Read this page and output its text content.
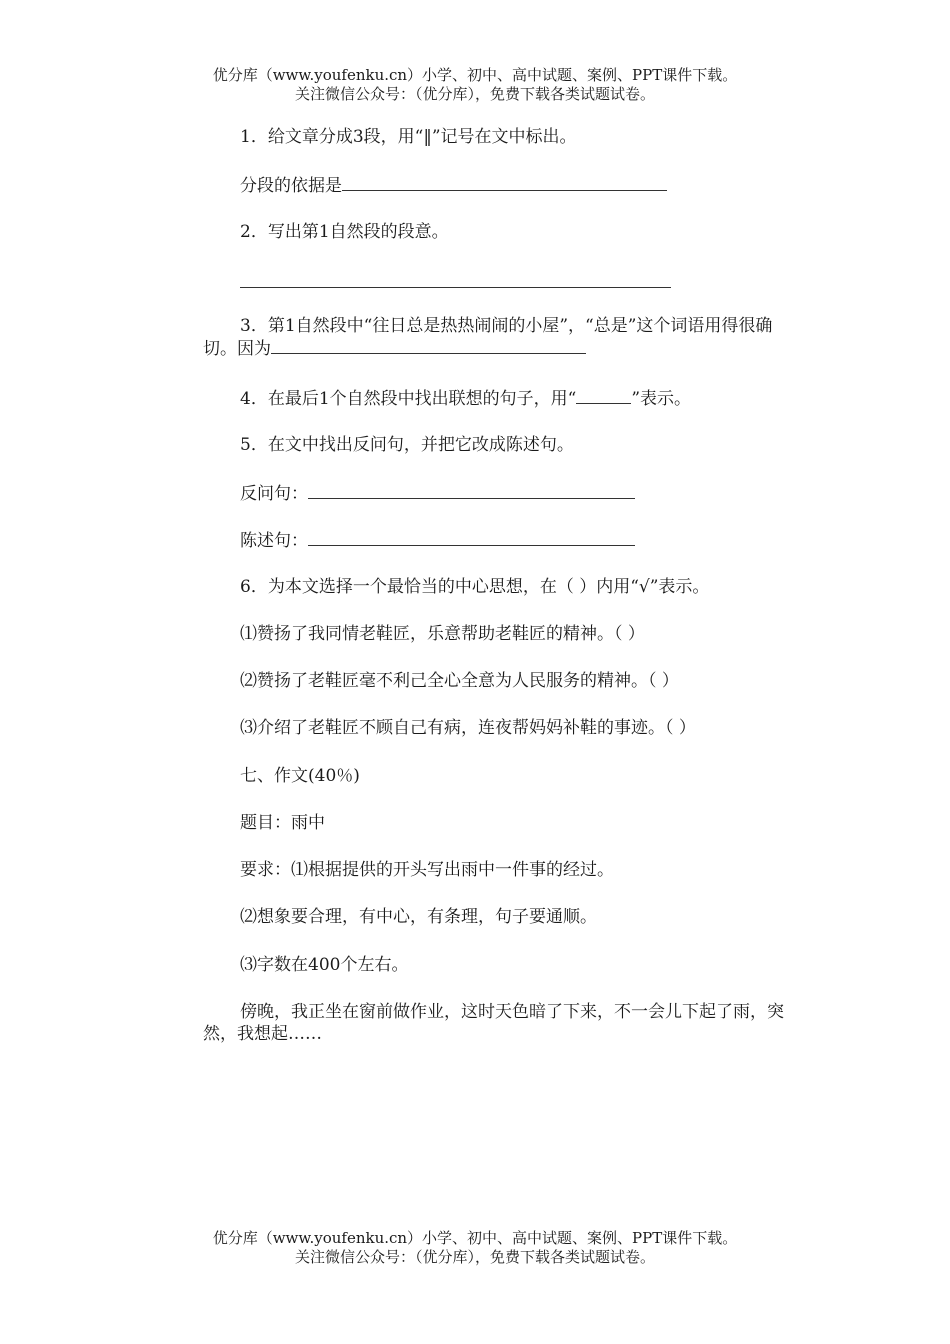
优分库（www.youfenku.cn）小学、初中、高中试题、案例、PPT课件下载。
关注微信公众号：（优分库），免费下载各类试题试卷。
1．给文章分成3段，用“‖”记号在文中标出。
分段的依据是
2．写出第1自然段的段意。
3．第1自然段中“往日总是热热闹闹的小屋”，“总是”这个词语用得很确切。因为
4．在最后1个自然段中找出联想的句子，用“	”表示。
5．在文中找出反问句，并把它改成陈述句。
反问句：
陈述句：
6．为本文选择一个最恰当的中心思想，在（ ）内用“√”表示。
⑴赞扬了我同情老鞋匠，乐意帮助老鞋匠的精神。（ ）
⑵赞扬了老鞋匠毫不利己全心全意为人民服务的精神。（ ）
⑶介绍了老鞋匠不顾自己有病，连夜帮妈妈补鞋的事迹。（ ）
七、作文(40％)
题目：雨中
要求：⑴根据提供的开头写出雨中一件事的经过。
⑵想象要合理，有中心，有条理，句子要通顺。
⑶字数在400个左右。
傍晚，我正坐在窗前做作业，这时天色暗了下来，不一会儿下起了雨，突然，我想起……
优分库（www.youfenku.cn）小学、初中、高中试题、案例、PPT课件下载。
关注微信公众号：（优分库），免费下载各类试题试卷。
